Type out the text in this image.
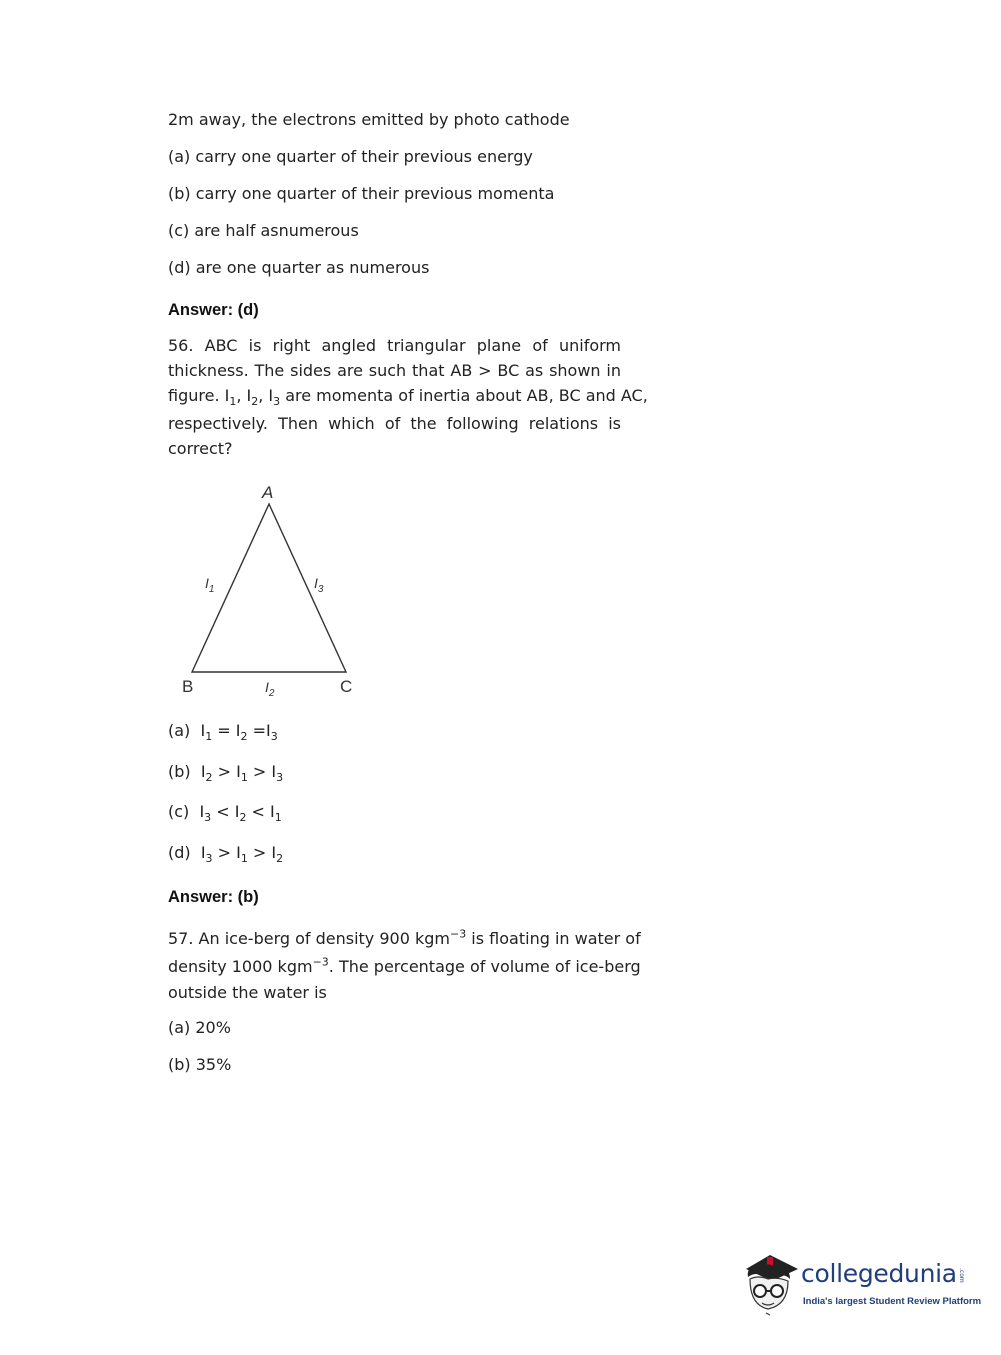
2m away, the electrons emitted by photo cathode
(a) carry one quarter of their previous energy
(b) carry one quarter of their previous momenta
(c) are half asnumerous
(d) are one quarter as numerous
Answer: (d)
56. ABC is right angled triangular plane of uniform
thickness. The sides are such that AB > BC as shown in
figure. $I_1$, $I_2$, $I_3$ are momenta of inertia about AB, BC and AC,
respectively. Then which of the following relations is
correct?
A
B	C
$I_1$	$I_3$
$I_2$
(a) $I_1 = I_2 =I_3$
(b) $I_2 > I_1 > I_3$
(c) $I_3 < I_2 < I_1$
(d) $I_3 > I_1 > I_2$
Answer: (b)
57. An ice-berg of density 900 kgm$^{-3}$ is floating in water of
density 1000 kgm$^{-3}$. The percentage of volume of ice-berg
outside the water is
(a) 20%
(b) 35%
collegedunia .com
India's largest Student Review Platform
